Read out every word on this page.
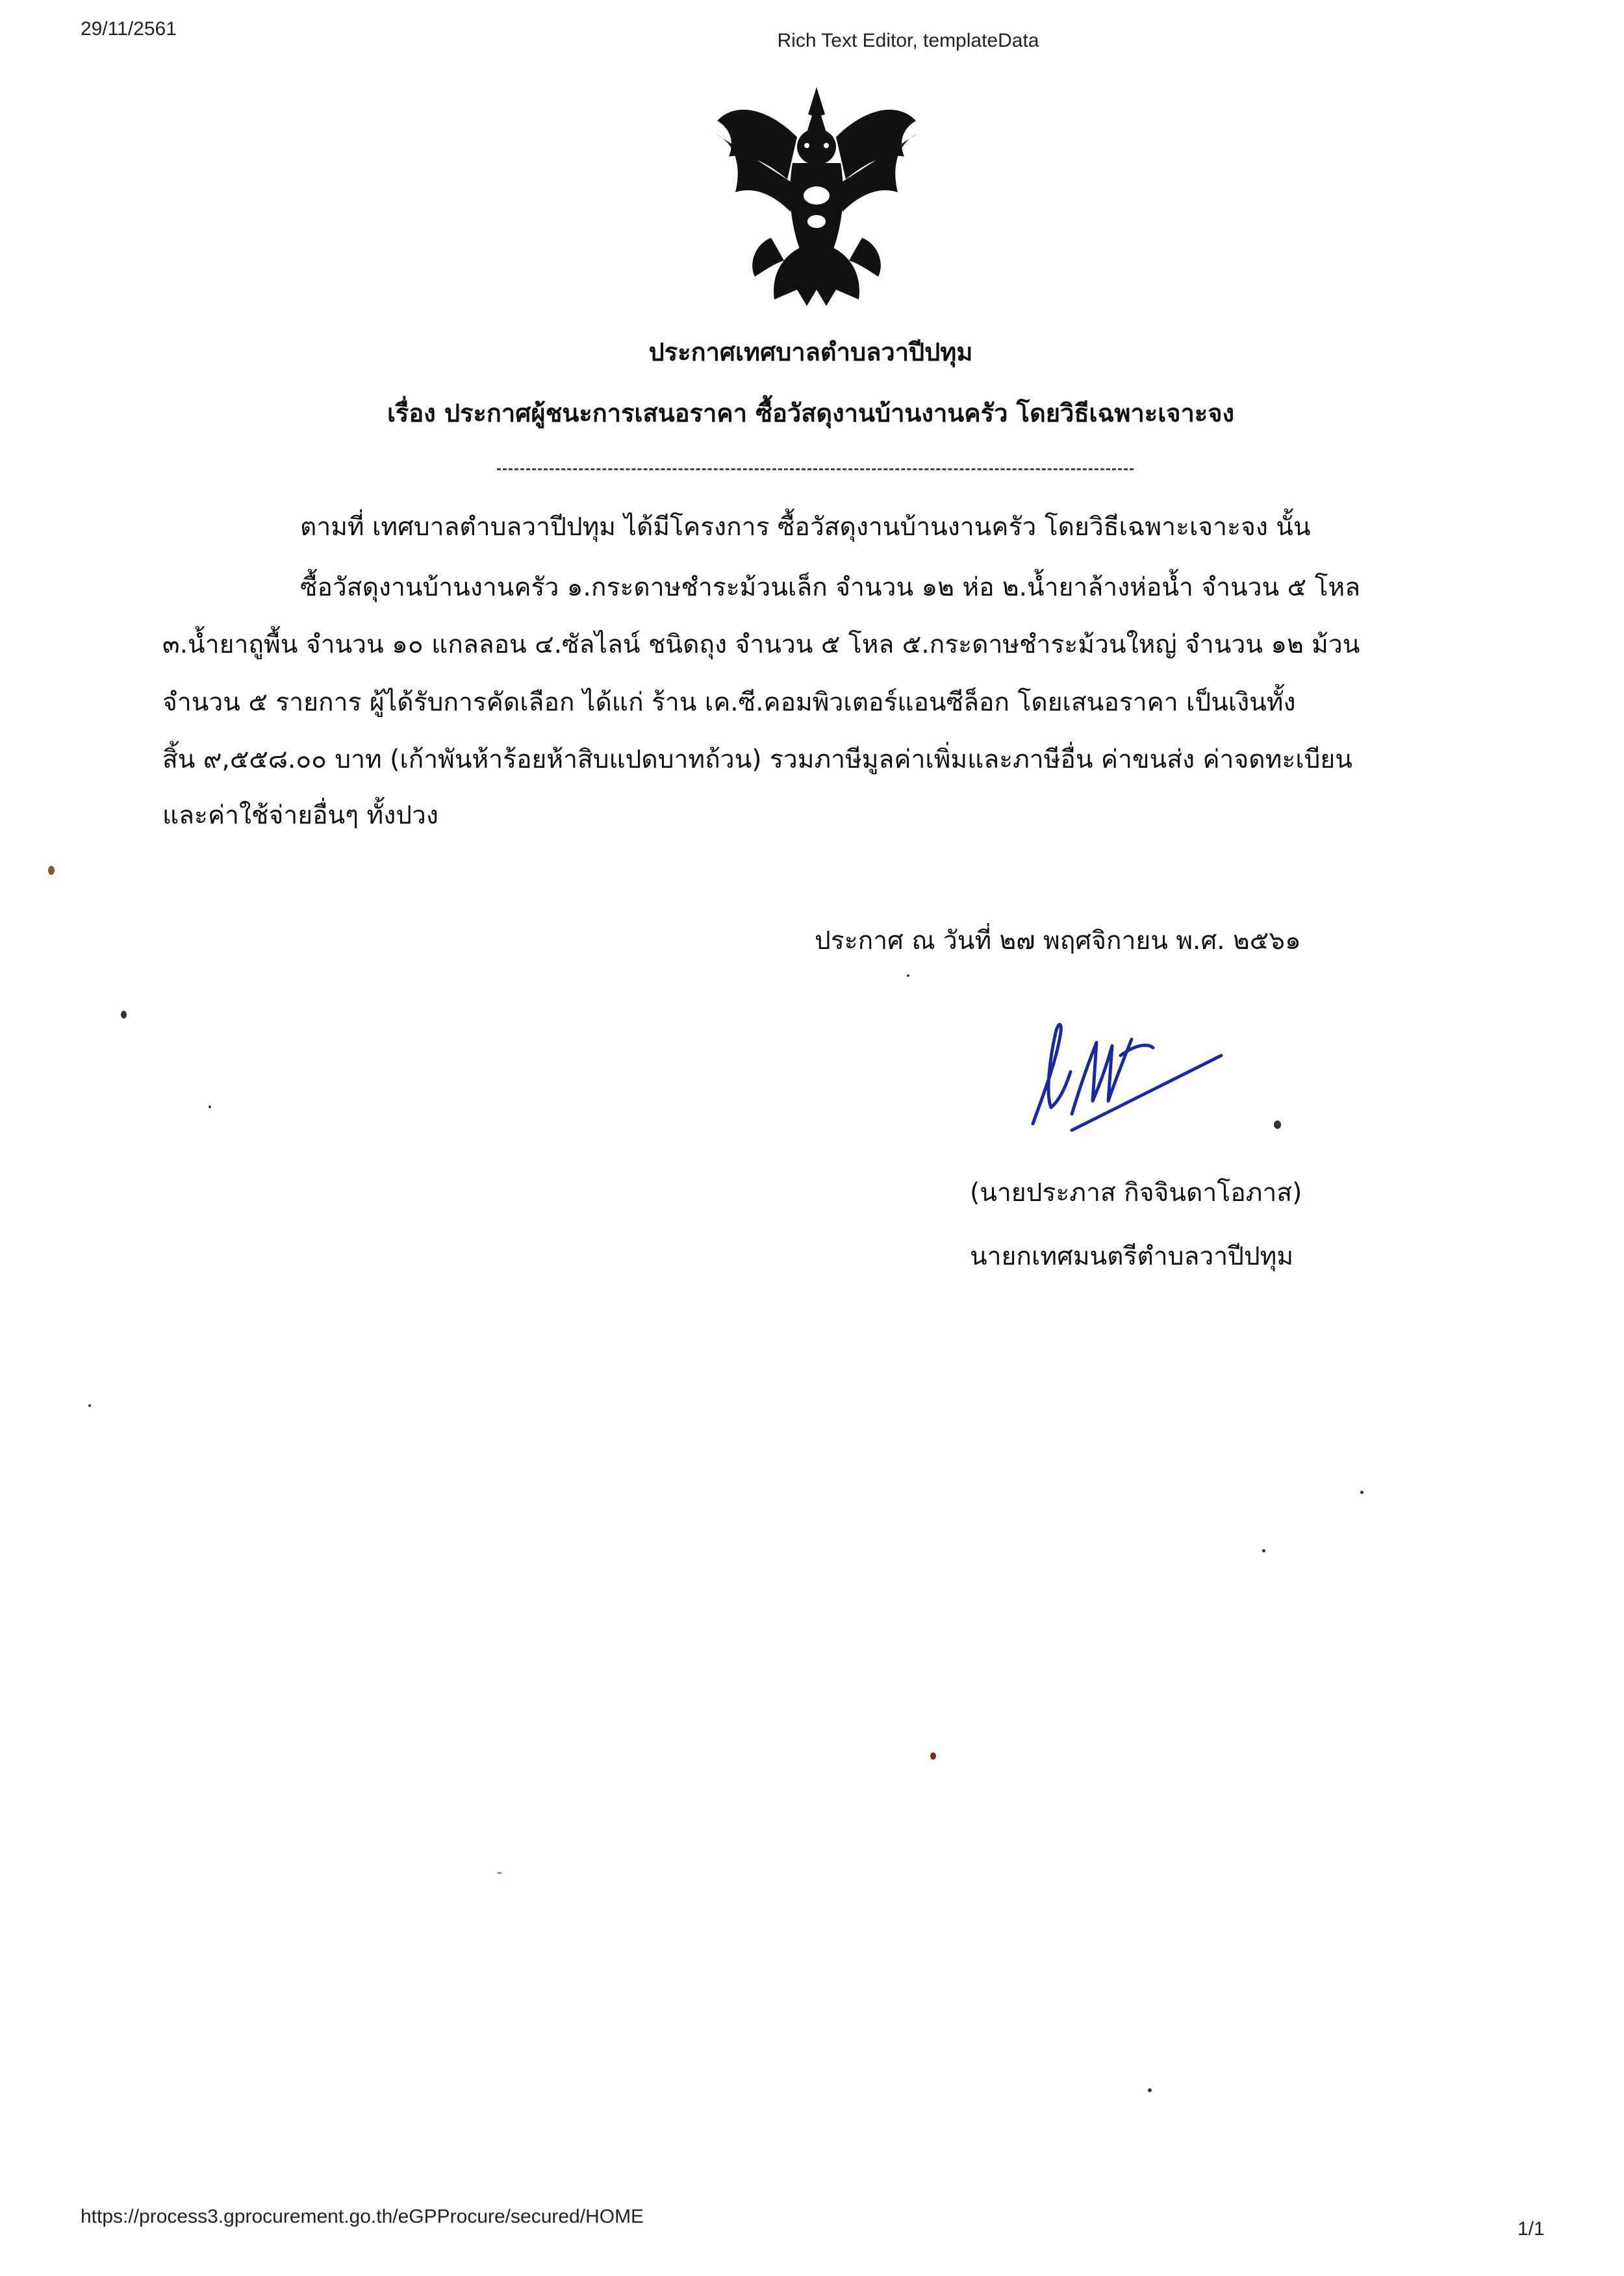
29/11/2561
Rich Text Editor, templateData
ประกาศเทศบาลตำบลวาปีปทุม
เรื่อง ประกาศผู้ชนะการเสนอราคา ซื้อวัสดุงานบ้านงานครัว โดยวิธีเฉพาะเจาะจง
ตามที่ เทศบาลตำบลวาปีปทุม ได้มีโครงการ ซื้อวัสดุงานบ้านงานครัว โดยวิธีเฉพาะเจาะจง นั้น
ซื้อวัสดุงานบ้านงานครัว ๑.กระดาษชำระม้วนเล็ก จำนวน ๑๒ ห่อ ๒.น้ำยาล้างห่อน้ำ จำนวน ๕ โหล
๓.น้ำยาถูพื้น จำนวน ๑๐ แกลลอน ๔.ซัลไลน์ ชนิดถุง จำนวน ๕ โหล ๕.กระดาษชำระม้วนใหญ่ จำนวน ๑๒ ม้วน
จำนวน ๕ รายการ ผู้ได้รับการคัดเลือก ได้แก่ ร้าน เค.ซี.คอมพิวเตอร์แอนซีล็อก โดยเสนอราคา เป็นเงินทั้ง
สิ้น ๙,๕๕๘.๐๐ บาท (เก้าพันห้าร้อยห้าสิบแปดบาทถ้วน) รวมภาษีมูลค่าเพิ่มและภาษีอื่น ค่าขนส่ง ค่าจดทะเบียน
และค่าใช้จ่ายอื่นๆ ทั้งปวง
ประกาศ ณ วันที่ ๒๗ พฤศจิกายน พ.ศ. ๒๕๖๑
(นายประภาส กิจจินดาโอภาส)
นายกเทศมนตรีตำบลวาปีปทุม
https://process3.gprocurement.go.th/eGPProcure/secured/HOME
1/1
